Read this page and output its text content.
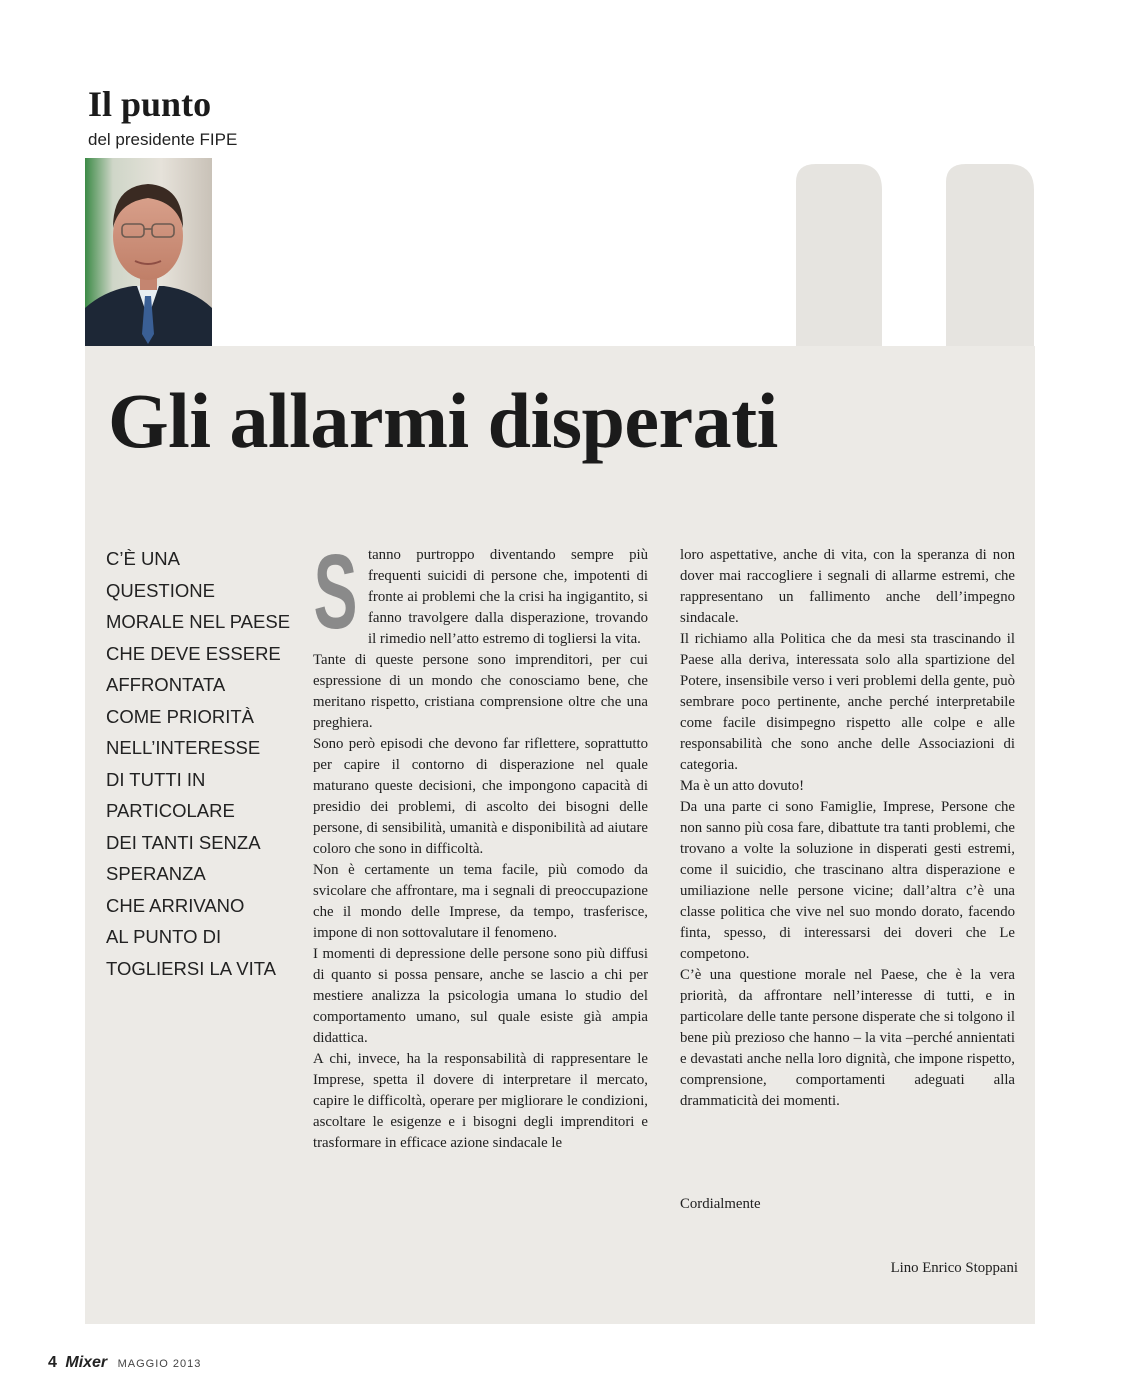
Il punto
del presidente FIPE
Gli allarmi disperati
C’È UNA
QUESTIONE
MORALE NEL PAESE
CHE DEVE ESSERE
AFFRONTATA
COME PRIORITÀ
NELL’INTERESSE
DI TUTTI IN
PARTICOLARE
DEI TANTI SENZA
SPERANZA
CHE ARRIVANO
AL PUNTO DI
TOGLIERSI LA VITA
S tanno purtroppo diventando sempre più frequenti suicidi di persone che, impotenti di fronte ai problemi che la crisi ha ingigantito, si fanno travolgere dalla disperazione, trovando il rimedio nell’atto estremo di togliersi la vita.

Tante di queste persone sono imprenditori, per cui espressione di un mondo che conosciamo bene, che meritano rispetto, cristiana comprensione oltre che una preghiera.

Sono però episodi che devono far riflettere, soprattutto per capire il contorno di disperazione nel quale maturano queste decisioni, che impongono capacità di presidio dei problemi, di ascolto dei bisogni delle persone, di sensibilità, umanità e disponibilità ad aiutare coloro che sono in difficoltà.

Non è certamente un tema facile, più comodo da svicolare che affrontare, ma i segnali di preoccupazione che il mondo delle Imprese, da tempo, trasferisce, impone di non sottovalutare il fenomeno.

I momenti di depressione delle persone sono più diffusi di quanto si possa pensare, anche se lascio a chi per mestiere analizza la psicologia umana lo studio del comportamento umano, sul quale esiste già ampia didattica.

A chi, invece, ha la responsabilità di rappresentare le Imprese, spetta il dovere di interpretare il mercato, capire le difficoltà, operare per migliorare le condizioni, ascoltare le esigenze e i bisogni degli imprenditori e trasformare in efficace azione sindacale le

loro aspettative, anche di vita, con la speranza di non dover mai raccogliere i segnali di allarme estremi, che rappresentano un fallimento anche dell’impegno sindacale.

Il richiamo alla Politica che da mesi sta trascinando il Paese alla deriva, interessata solo alla spartizione del Potere, insensibile verso i veri problemi della gente, può sembrare poco pertinente, anche perché interpretabile come facile disimpegno rispetto alle colpe e alle responsabilità che sono anche delle Associazioni di categoria.

Ma è un atto dovuto!

Da una parte ci sono Famiglie, Imprese, Persone che non sanno più cosa fare, dibattute tra tanti problemi, che trovano a volte la soluzione in disperati gesti estremi, come il suicidio, che trascinano altra disperazione e umiliazione nelle persone vicine; dall’altra c’è una classe politica che vive nel suo mondo dorato, facendo finta, spesso, di interessarsi dei doveri che Le competono.

C’è una questione morale nel Paese, che è la vera priorità, da affrontare nell’interesse di tutti, e in particolare delle tante persone disperate che si tolgono il bene più prezioso che hanno – la vita –perché annientati e devastati anche nella loro dignità, che impone rispetto, comprensione, comportamenti adeguati alla drammaticità dei momenti.

Cordialmente
Lino Enrico Stoppani
4 Mixer MAGGIO 2013
